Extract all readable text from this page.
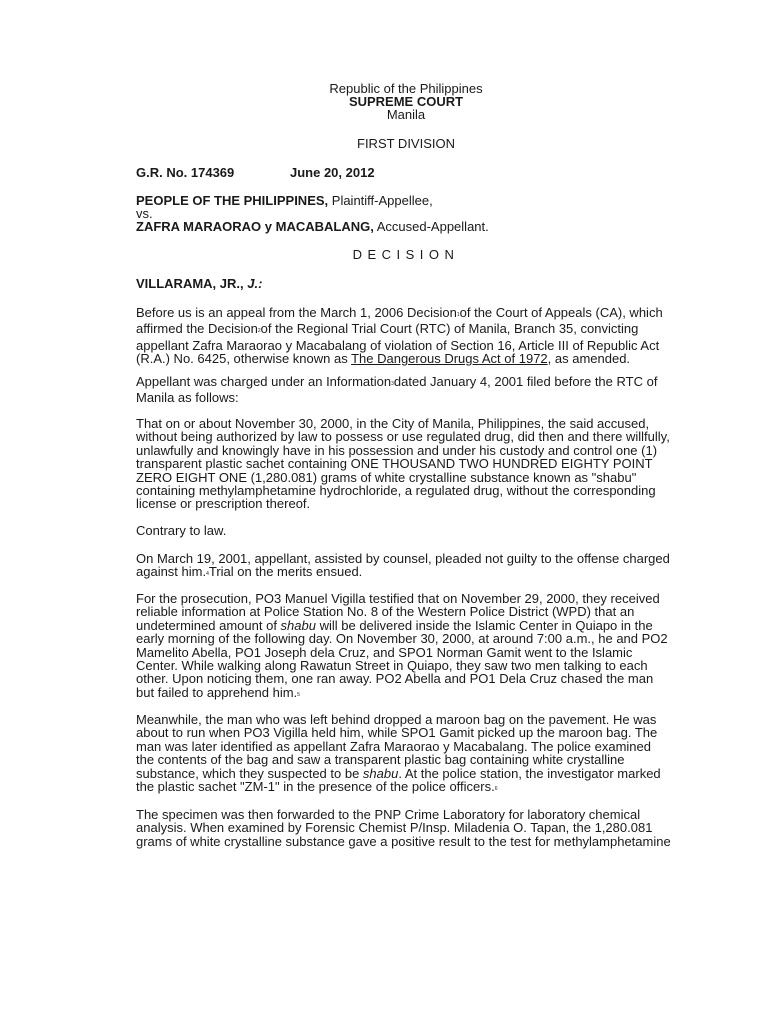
Republic of the Philippines
SUPREME COURT
Manila
FIRST DIVISION
G.R. No. 174369	June 20, 2012
PEOPLE OF THE PHILIPPINES, Plaintiff-Appellee,
vs.
ZAFRA MARAORAO y MACABALANG, Accused-Appellant.
DECISION
VILLARAMA, JR., J.:
Before us is an appeal from the March 1, 2006 Decision$^1$of the Court of Appeals (CA), which
affirmed the Decision$^2$of the Regional Trial Court (RTC) of Manila, Branch 35, convicting
appellant Zafra Maraorao y Macabalang of violation of Section 16, Article III of Republic Act
(R.A.) No. 6425, otherwise known as The Dangerous Drugs Act of 1972, as amended.
Appellant was charged under an Information$^3$dated January 4, 2001 filed before the RTC of
Manila as follows:
That on or about November 30, 2000, in the City of Manila, Philippines, the said accused,
without being authorized by law to possess or use regulated drug, did then and there willfully,
unlawfully and knowingly have in his possession and under his custody and control one (1)
transparent plastic sachet containing ONE THOUSAND TWO HUNDRED EIGHTY POINT
ZERO EIGHT ONE (1,280.081) grams of white crystalline substance known as "shabu"
containing methylamphetamine hydrochloride, a regulated drug, without the corresponding
license or prescription thereof.
Contrary to law.
On March 19, 2001, appellant, assisted by counsel, pleaded not guilty to the offense charged
against him.$^4$Trial on the merits ensued.
For the prosecution, PO3 Manuel Vigilla testified that on November 29, 2000, they received
reliable information at Police Station No. 8 of the Western Police District (WPD) that an
undetermined amount of shabu will be delivered inside the Islamic Center in Quiapo in the
early morning of the following day. On November 30, 2000, at around 7:00 a.m., he and PO2
Mamelito Abella, PO1 Joseph dela Cruz, and SPO1 Norman Gamit went to the Islamic
Center. While walking along Rawatun Street in Quiapo, they saw two men talking to each
other. Upon noticing them, one ran away. PO2 Abella and PO1 Dela Cruz chased the man
but failed to apprehend him.$^5$
Meanwhile, the man who was left behind dropped a maroon bag on the pavement. He was
about to run when PO3 Vigilla held him, while SPO1 Gamit picked up the maroon bag. The
man was later identified as appellant Zafra Maraorao y Macabalang. The police examined
the contents of the bag and saw a transparent plastic bag containing white crystalline
substance, which they suspected to be shabu. At the police station, the investigator marked
the plastic sachet "ZM-1" in the presence of the police officers.$^6$
The specimen was then forwarded to the PNP Crime Laboratory for laboratory chemical
analysis. When examined by Forensic Chemist P/Insp. Miladenia O. Tapan, the 1,280.081
grams of white crystalline substance gave a positive result to the test for methylamphetamine
